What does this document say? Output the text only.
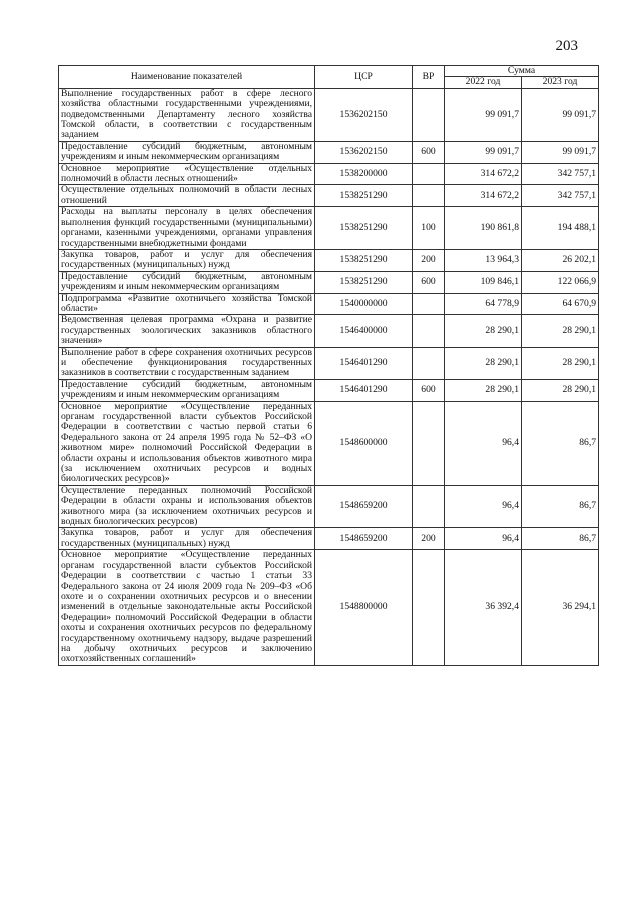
203
Наименование показателей	ЦСР	ВР	Сумма	
			2022 год	2023 год
Выполнение государственных работ в сфере лесного хозяйства областными государственными учреждениями, подведомственными Департаменту лесного хозяйства Томской области, в соответствии с государственным заданием	1536202150		99 091,7	99 091,7
Предоставление субсидий бюджетным, автономным учреждениям и иным некоммерческим организациям	1536202150	600	99 091,7	99 091,7
Основное мероприятие «Осуществление отдельных полномочий в области лесных отношений»	1538200000		314 672,2	342 757,1
Осуществление отдельных полномочий в области лесных отношений	1538251290		314 672,2	342 757,1
Расходы на выплаты персоналу в целях обеспечения выполнения функций государственными (муниципальными) органами, казенными учреждениями, органами управления государственными внебюджетными фондами	1538251290	100	190 861,8	194 488,1
Закупка товаров, работ и услуг для обеспечения государственных (муниципальных) нужд	1538251290	200	13 964,3	26 202,1
Предоставление субсидий бюджетным, автономным учреждениям и иным некоммерческим организациям	1538251290	600	109 846,1	122 066,9
Подпрограмма «Развитие охотничьего хозяйства Томской области»	1540000000		64 778,9	64 670,9
Ведомственная целевая программа «Охрана и развитие государственных зоологических заказников областного значения»	1546400000		28 290,1	28 290,1
Выполнение работ в сфере сохранения охотничьих ресурсов и обеспечение функционирования государственных заказников в соответствии с государственным заданием	1546401290		28 290,1	28 290,1
Предоставление субсидий бюджетным, автономным учреждениям и иным некоммерческим организациям	1546401290	600	28 290,1	28 290,1
Основное мероприятие «Осуществление переданных органам государственной власти субъектов Российской Федерации в соответствии с частью первой статьи 6 Федерального закона от 24 апреля 1995 года № 52–ФЗ «О животном мире» полномочий Российской Федерации в области охраны и использования объектов животного мира (за исключением охотничьих ресурсов и водных биологических ресурсов)»	1548600000		96,4	86,7
Осуществление переданных полномочий Российской Федерации в области охраны и использования объектов животного мира (за исключением охотничьих ресурсов и водных биологических ресурсов)	1548659200		96,4	86,7
Закупка товаров, работ и услуг для обеспечения государственных (муниципальных) нужд	1548659200	200	96,4	86,7
Основное мероприятие «Осуществление переданных органам государственной власти субъектов Российской Федерации в соответствии с частью 1 статьи 33 Федерального закона от 24 июля 2009 года № 209–ФЗ «Об охоте и о сохранении охотничьих ресурсов и о внесении изменений в отдельные законодательные акты Российской Федерации» полномочий Российской Федерации в области охоты и сохранения охотничьих ресурсов по федеральному государственному охотничьему надзору, выдаче разрешений на добычу охотничьих ресурсов и заключению охотхозяйственных соглашений»	1548800000		36 392,4	36 294,1
